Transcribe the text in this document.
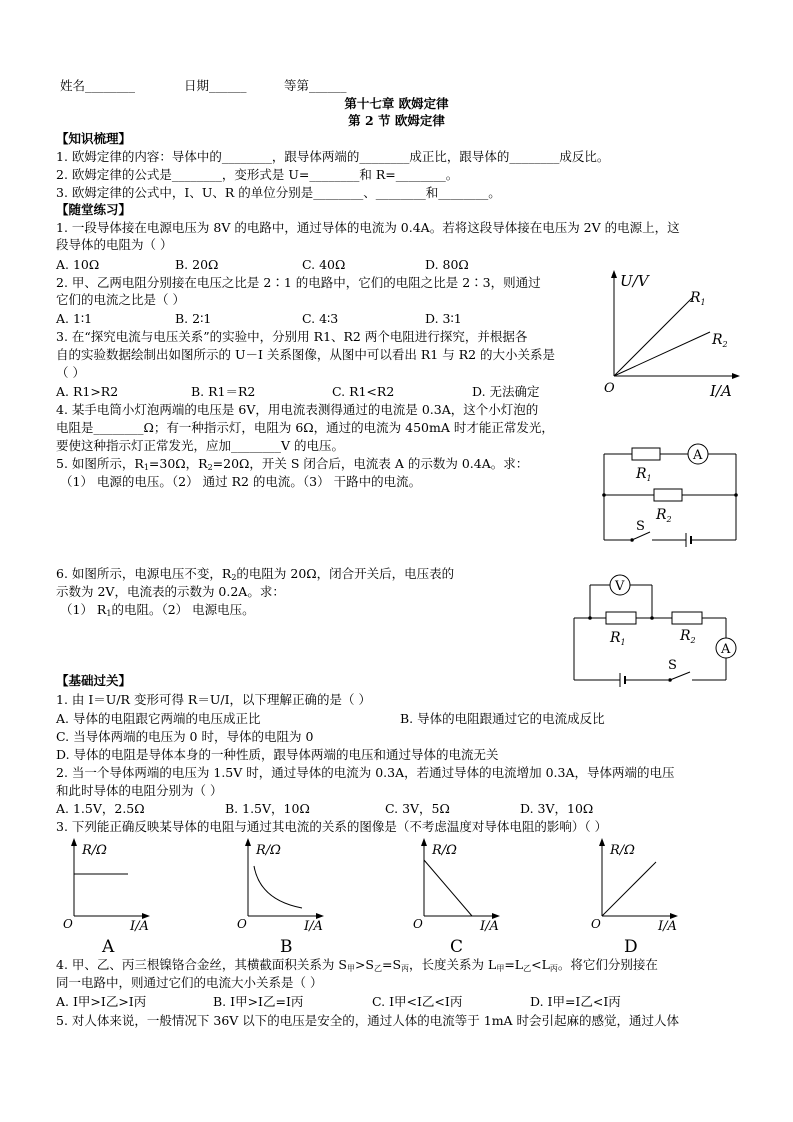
姓名________	日期______	等第______
第十七章 欧姆定律
第 2 节 欧姆定律
【知识梳理】
1. 欧姆定律的内容：导体中的________，跟导体两端的________成正比，跟导体的________成反比。
2. 欧姆定律的公式是________，变形式是 U=________和 R=________。
3. 欧姆定律的公式中，I、U、R 的单位分别是________、________和________。
【随堂练习】
1. 一段导体接在电源电压为 8V 的电路中，通过导体的电流为 0.4A。若将这段导体接在电压为 2V 的电源上，这
段导体的电阻为（ ）
A. 10Ω	B. 20Ω	C. 40Ω	D. 80Ω
2. 甲、乙两电阻分别接在电压之比是 2∶1 的电路中，它们的电阻之比是 2∶3，则通过
它们的电流之比是（ ）
A. 1∶1	B. 2∶1	C. 4∶3	D. 3∶1
3. 在“探究电流与电压关系”的实验中，分别用 R1、R2 两个电阻进行探究，并根据各
自的实验数据绘制出如图所示的 U－I 关系图像，从图中可以看出 R1 与 R2 的大小关系是
（ ）
A. R1>R2	B. R1＝R2	C. R1<R2	D. 无法确定
4. 某手电筒小灯泡两端的电压是 6V，用电流表测得通过的电流是 0.3A，这个小灯泡的
电阻是________Ω；有一种指示灯，电阻为 6Ω，通过的电流为 450mA 时才能正常发光，
要使这种指示灯正常发光，应加________V 的电压。
5. 如图所示，$R_1=30\Omega$，$R_2=20\Omega$，开关 S 闭合后，电流表 A 的示数为 0.4A。求：
（1） 电源的电压。（2） 通过 R2 的电流。（3） 干路中的电流。
6. 如图所示，电源电压不变，$R_2$的电阻为 20Ω，闭合开关后，电压表的
示数为 2V，电流表的示数为 0.2A。求：
（1） $R_1$的电阻。（2） 电源电压。
【基础过关】
1. 由 I＝U/R 变形可得 R＝U/I，以下理解正确的是（ ）
A. 导体的电阻跟它两端的电压成正比	B. 导体的电阻跟通过它的电流成反比
C. 当导体两端的电压为 0 时，导体的电阻为 0
D. 导体的电阻是导体本身的一种性质，跟导体两端的电压和通过导体的电流无关
2. 当一个导体两端的电压为 1.5V 时，通过导体的电流为 0.3A，若通过导体的电流增加 0.3A，导体两端的电压
和此时导体的电阻分别为（ ）
A. 1.5V，2.5Ω	B. 1.5V，10Ω	C. 3V，5Ω	D. 3V，10Ω
3. 下列能正确反映某导体的电阻与通过其电流的关系的图像是（不考虑温度对导体电阻的影响）（ ）
4. 甲、乙、丙三根镍铬合金丝，其横截面积关系为 $S_甲>S_乙=S_丙$，长度关系为 $L_甲=L_乙<L_丙$。将它们分别接在
同一电路中，则通过它们的电流大小关系是（ ）
A. I甲>I乙>I丙	B. I甲>I乙=I丙	C. I甲<I乙<I丙	D. I甲=I乙<I丙
5. 对人体来说，一般情况下 36V 以下的电压是安全的，通过人体的电流等于 1mA 时会引起麻的感觉，通过人体
U/V
I/A
O
$R_1$
$R_2$
A
$R_1$
$R_2$
S
V
A
$R_1$	$R_2$
S
R/Ω
I/A
O
A
R/Ω
I/A
O
B
R/Ω
I/A
O
C
R/Ω
I/A
O
D
